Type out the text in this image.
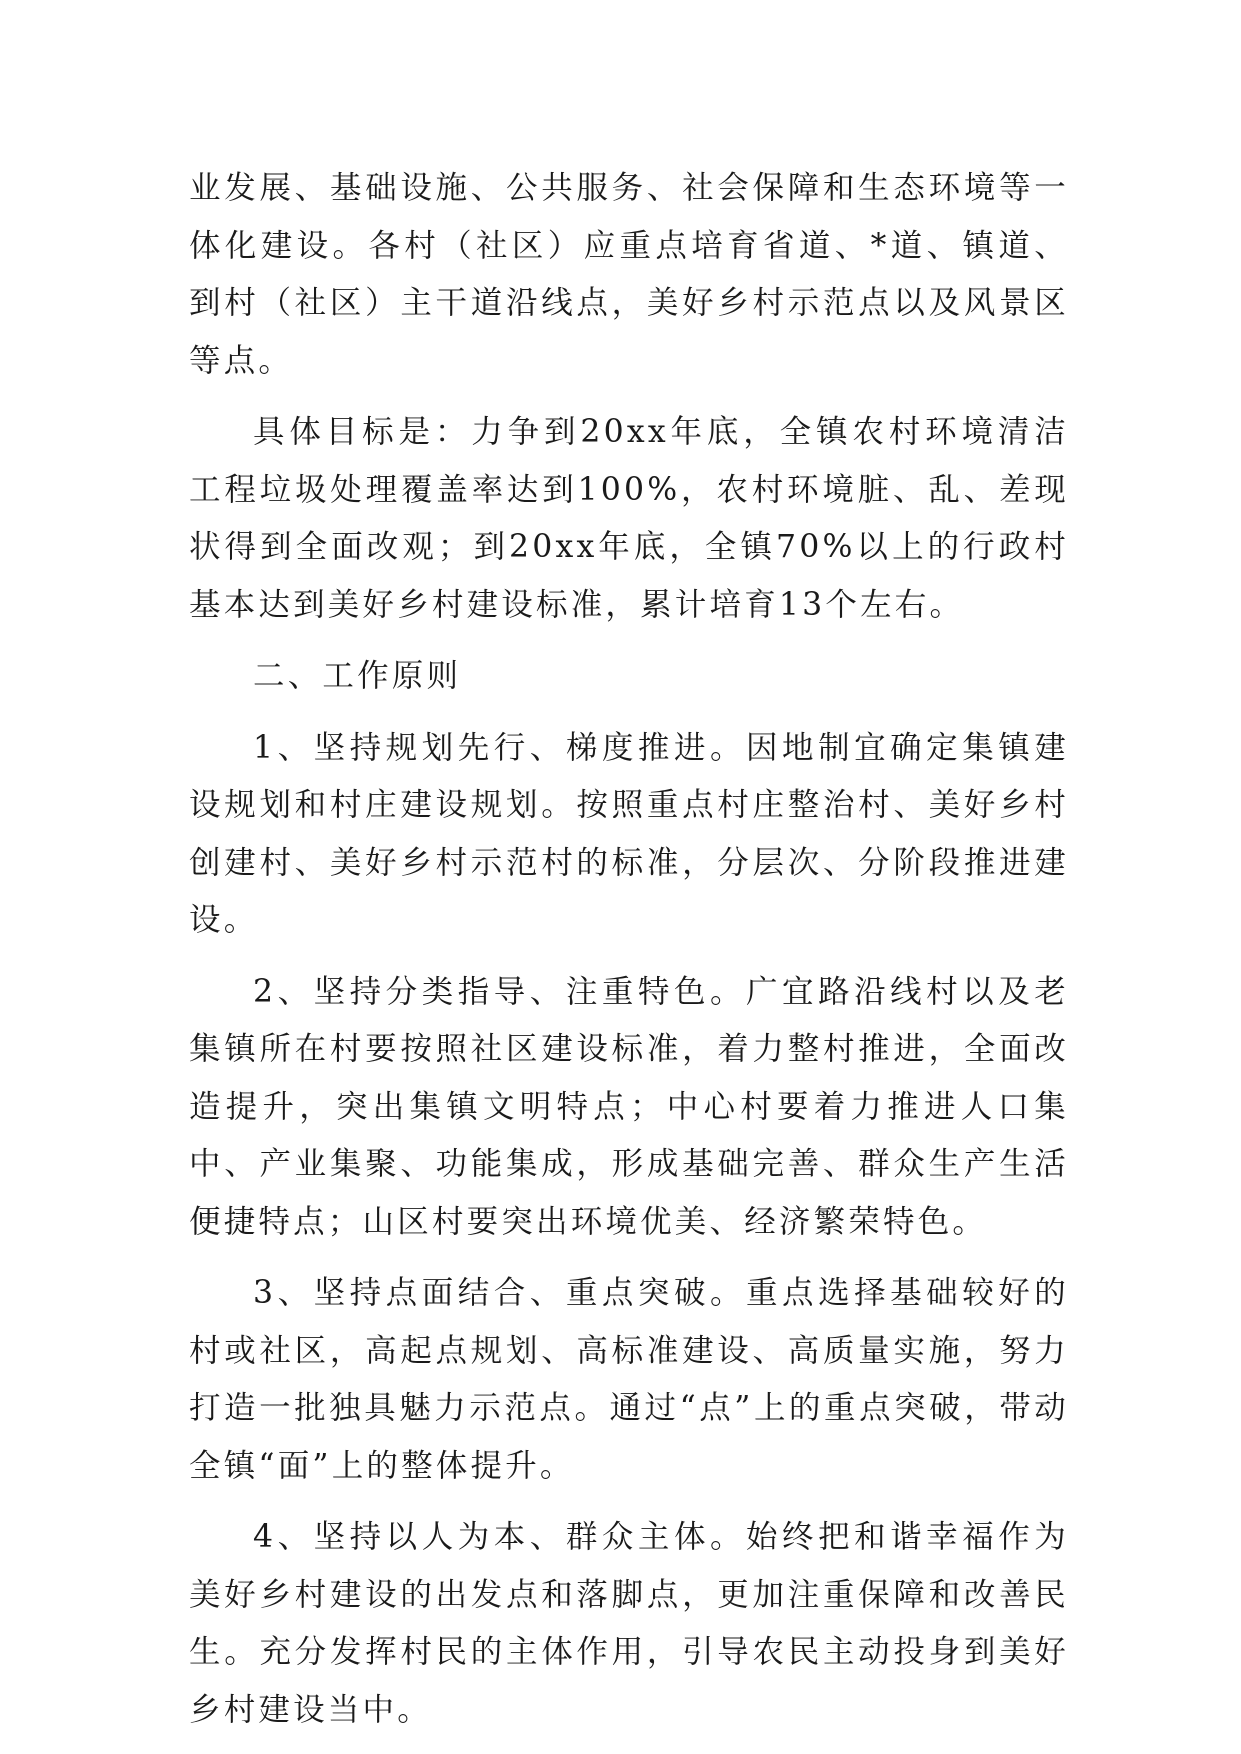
业发展、基础设施、公共服务、社会保障和生态环境等一体化建设。各村（社区）应重点培育省道、*道、镇道、到村（社区）主干道沿线点，美好乡村示范点以及风景区等点。

具体目标是：力争到20xx年底，全镇农村环境清洁工程垃圾处理覆盖率达到100%，农村环境脏、乱、差现状得到全面改观；到20xx年底，全镇70%以上的行政村基本达到美好乡村建设标准，累计培育13个左右。

二、工作原则

1、坚持规划先行、梯度推进。因地制宜确定集镇建设规划和村庄建设规划。按照重点村庄整治村、美好乡村创建村、美好乡村示范村的标准，分层次、分阶段推进建设。

2、坚持分类指导、注重特色。广宜路沿线村以及老集镇所在村要按照社区建设标准，着力整村推进，全面改造提升，突出集镇文明特点；中心村要着力推进人口集中、产业集聚、功能集成，形成基础完善、群众生产生活便捷特点；山区村要突出环境优美、经济繁荣特色。

3、坚持点面结合、重点突破。重点选择基础较好的村或社区，高起点规划、高标准建设、高质量实施，努力打造一批独具魅力示范点。通过“点”上的重点突破，带动全镇“面”上的整体提升。

4、坚持以人为本、群众主体。始终把和谐幸福作为美好乡村建设的出发点和落脚点，更加注重保障和改善民生。充分发挥村民的主体作用，引导农民主动投身到美好乡村建设当中。
